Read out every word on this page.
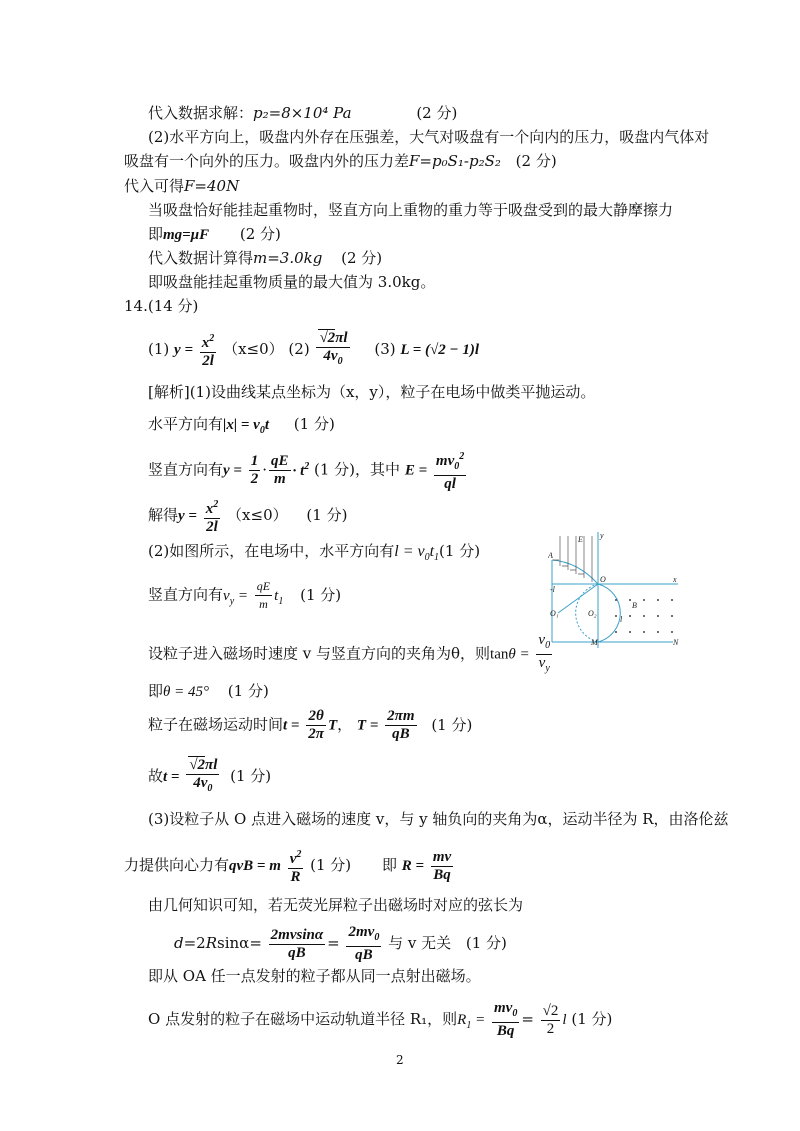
代入数据求解：p₂=8×10⁴ Pa	(2 分)
(2)水平方向上，吸盘内外存在压强差，大气对吸盘有一个向内的压力，吸盘内气体对
吸盘有一个向外的压力。吸盘内外的压力差F=p₀S₁-p₂S₂ (2 分)
代入可得F=40N
当吸盘恰好能挂起重物时，竖直方向上重物的重力等于吸盘受到的最大静摩擦力
即mg=μF (2 分)
代入数据计算得m=3.0kg (2 分)
即吸盘能挂起重物质量的最大值为 3.0kg。
14.(14 分)
(1) $y = \frac{x^2}{2l} (x\le 0)$ $(2) \frac{√2\pi l}{4v_0} (3) L = (√2 - 1)l$
[解析](1)设曲线某点坐标为（x，y），粒子在电场中做类平抛运动。
水平方向有$|x| = v_0t$ (1 分)
竖直方向有$y = \frac{1}{2} \cdot \frac{qE}{m} \cdot t^2$ (1 分)，其中 $E = \frac{mv_0^2}{ql}$
解得$y = \frac{x^2}{2l} (x\le 0)$ (1 分)
(2)如图所示，在电场中，水平方向有$l = v_0t_1(1$ 分)
竖直方向有$v_y = \frac{qE}{m} t_1$ (1 分)
设粒子进入磁场时速度 v 与竖直方向的夹角为θ，则$\tan\theta = \frac{v_0}{v_y}$
即θ = 45° (1 分)
粒子在磁场运动时间$t = \frac{2\theta}{2\pi}$ T， $T = \frac{2\pi m}{qB} (1$ 分)
故$t = \frac{√2\pi l}{4v_0} (1$ 分)
(3)设粒子从 O 点进入磁场的速度 v，与 y 轴负向的夹角为α，运动半径为 R，由洛伦兹
力提供向心力有qvB = m $\frac{v^2}{R} (1$ 分) 即 $R = \frac{mv}{Bq}$
由几何知识可知，若无荧光屏粒子出磁场时对应的弦长为
$d=2Rsin\alpha= \frac{2mvsin\alpha}{qB} = \frac{2mv_0}{qB}$ 与 v 无关 (1 分)
即从 OA 任一点发射的粒子都从同一点射出磁场。
O 点发射的粒子在磁场中运动轨道半径 R₁，则$R_1 = \frac{mv_0}{Bq} = \frac{√2}{2}$ l (1 分)
A
O	x
y
E
-l
O₁	O₂
M	N
B
l
2
